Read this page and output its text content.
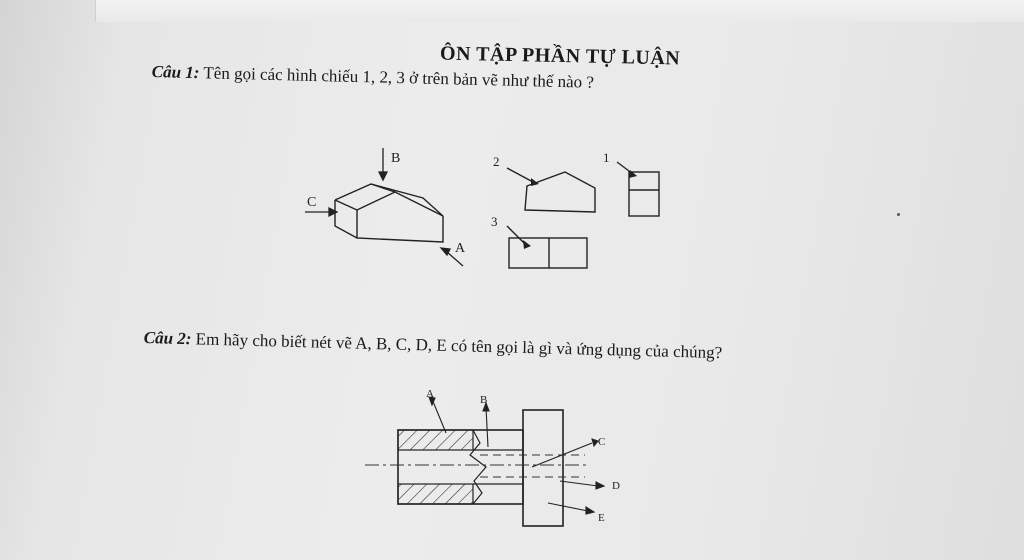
ÔN TẬP PHẦN TỰ LUẬN
Câu 1: Tên gọi các hình chiếu 1, 2, 3 ở trên bản vẽ như thế nào ?
B
C
A
2	1
3
Câu 2: Em hãy cho biết nét vẽ A, B, C, D, E có tên gọi là gì và ứng dụng của chúng?
A	B
C
D
E
